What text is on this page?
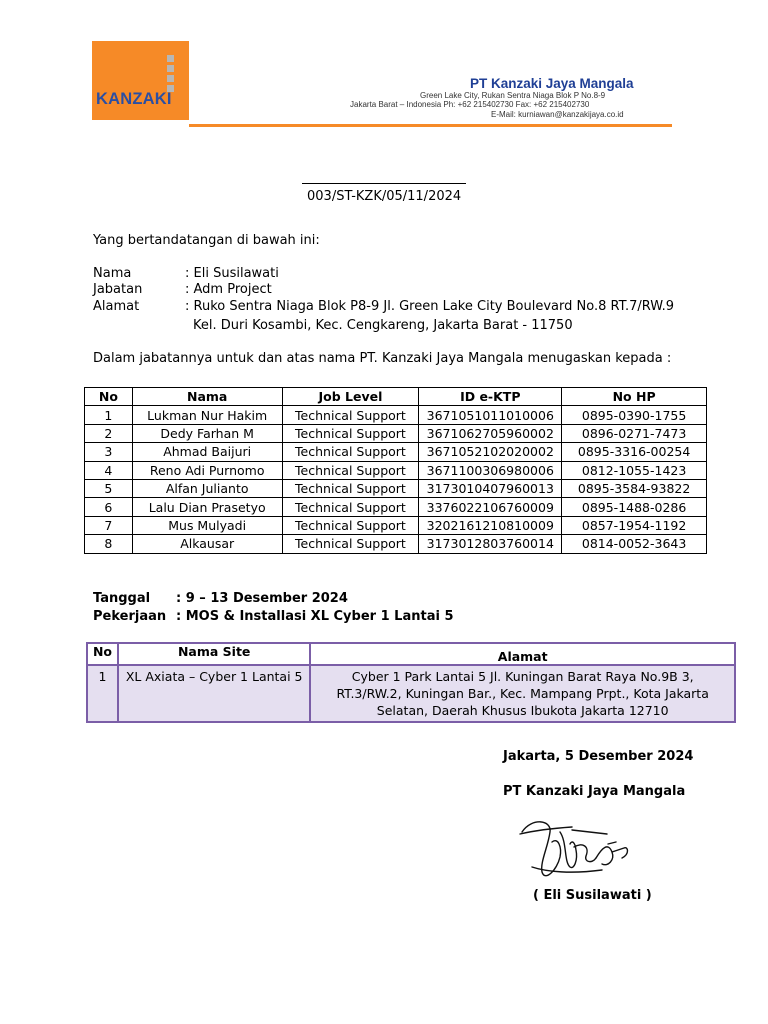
KANZAKI
PT Kanzaki Jaya Mangala
Green Lake City, Rukan Sentra Niaga Blok P No.8-9
Jakarta Barat – Indonesia Ph: +62 215402730 Fax: +62 215402730
E-Mail: kurniawan@kanzakijaya.co.id
003/ST-KZK/05/11/2024
Yang bertandatangan di bawah ini:
Nama	: Eli Susilawati
Jabatan	: Adm Project
Alamat	: Ruko Sentra Niaga Blok P8-9 Jl. Green Lake City Boulevard No.8 RT.7/RW.9
Kel. Duri Kosambi, Kec. Cengkareng, Jakarta Barat - 11750
Dalam jabatannya untuk dan atas nama PT. Kanzaki Jaya Mangala menugaskan kepada :
No	Nama	Job Level	ID e-KTP	No HP
1	Lukman Nur Hakim	Technical Support	3671051011010006	0895-0390-1755
2	Dedy Farhan M	Technical Support	3671062705960002	0896-0271-7473
3	Ahmad Baijuri	Technical Support	3671052102020002	0895-3316-00254
4	Reno Adi Purnomo	Technical Support	3671100306980006	0812-1055-1423
5	Alfan Julianto	Technical Support	3173010407960013	0895-3584-93822
6	Lalu Dian Prasetyo	Technical Support	3376022106760009	0895-1488-0286
7	Mus Mulyadi	Technical Support	3202161210810009	0857-1954-1192
8	Alkausar	Technical Support	3173012803760014	0814-0052-3643
Tanggal : 9 – 13 Desember 2024
Pekerjaan : MOS & Installasi XL Cyber 1 Lantai 5
No	Nama Site	Alamat
1	XL Axiata – Cyber 1 Lantai 5	Cyber 1 Park Lantai 5 Jl. Kuningan Barat Raya No.9B 3,
RT.3/RW.2, Kuningan Bar., Kec. Mampang Prpt., Kota Jakarta
Selatan, Daerah Khusus Ibukota Jakarta 12710
Jakarta, 5 Desember 2024
PT Kanzaki Jaya Mangala
( Eli Susilawati )
